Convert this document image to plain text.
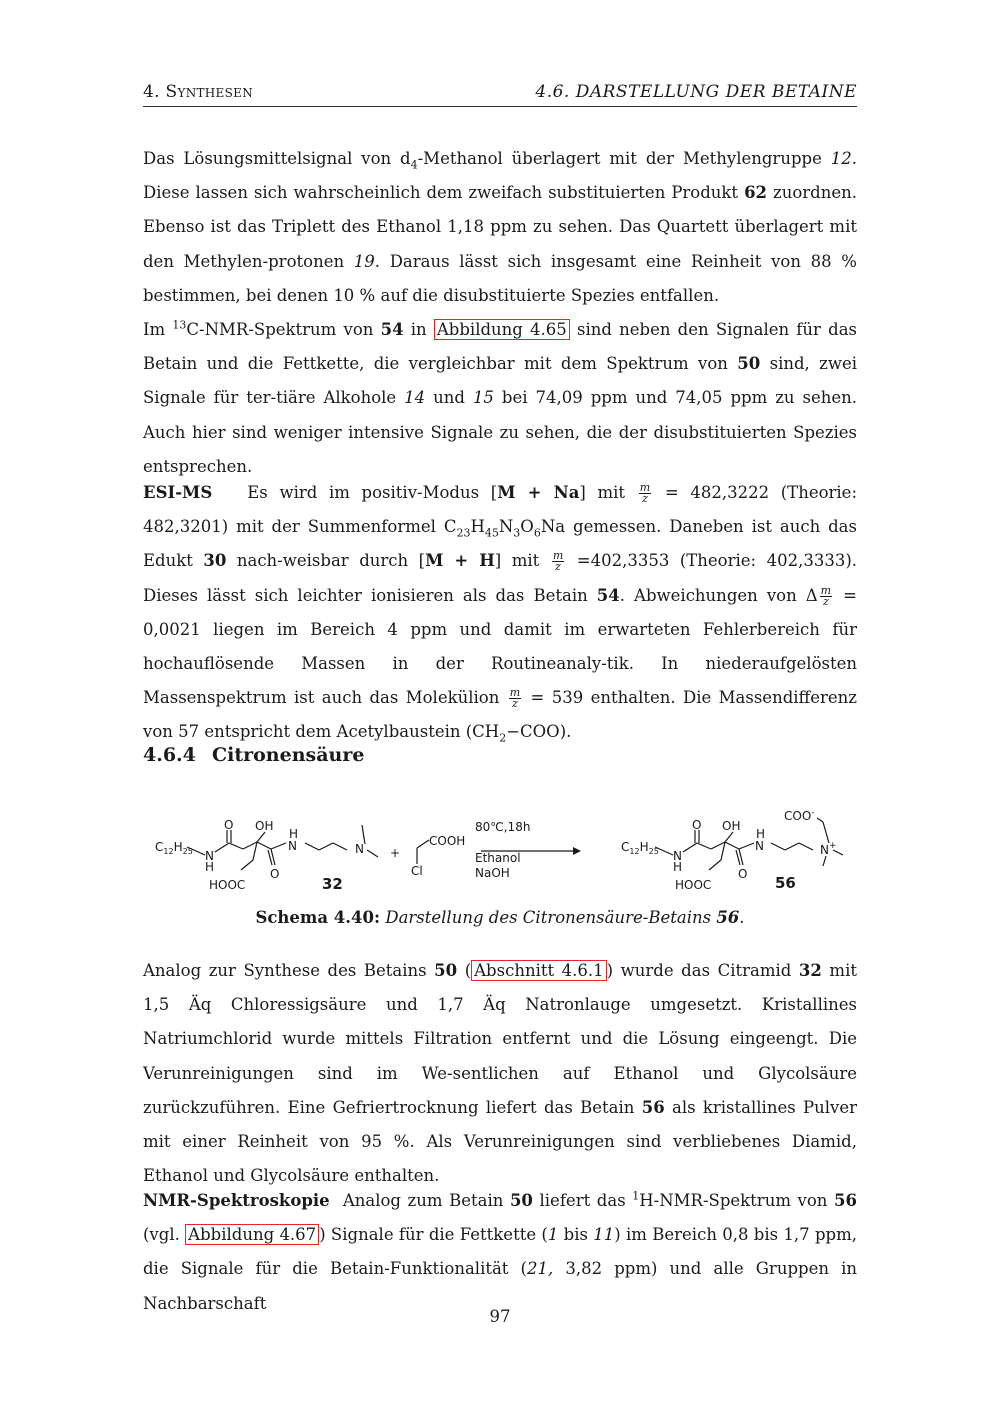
4. Synthesen	4.6. DARSTELLUNG DER BETAINE

Das Lösungsmittelsignal von $d_4$-Methanol überlagert mit der Methylengruppe 12. Diese lassen sich wahrscheinlich dem zweifach substituierten Produkt 62 zuordnen. Ebenso ist das Triplett des Ethanol 1,18 ppm zu sehen. Das Quartett überlagert mit den Methylen-protonen 19. Daraus lässt sich insgesamt eine Reinheit von 88 % bestimmen, bei denen 10 % auf die disubstituierte Spezies entfallen.

Im $^{13}$C-NMR-Spektrum von 54 in Abbildung 4.65 sind neben den Signalen für das Betain und die Fettkette, die vergleichbar mit dem Spektrum von 50 sind, zwei Signale für ter-tiäre Alkohole 14 und 15 bei 74,09 ppm und 74,05 ppm zu sehen. Auch hier sind weniger intensive Signale zu sehen, die der disubstituierten Spezies entsprechen.

ESI-MS Es wird im positiv-Modus [M + Na] mit $\frac{m}{z} = 482,3222$ (Theorie: 482,3201) mit der Summenformel $C_{23}H_{45}N_3O_6Na$ gemessen. Daneben ist auch das Edukt 30 nach-weisbar durch [M + H] mit $\frac{m}{z} =402,3353$ (Theorie: 402,3333). Dieses lässt sich leichter ionisieren als das Betain 54. Abweichungen von Δ $\frac{m}{z} = 0,0021$ liegen im Bereich 4 ppm und damit im erwarteten Fehlerbereich für hochauflösende Massen in der Routineanaly-tik. In niederaufgelösten Massenspektrum ist auch das Molekülion $\frac{m}{z} = 539$ enthalten. Die Massendifferenz von 57 entspricht dem Acetylbaustein $(CH_2-COO)$.

4.6.4 Citronensäure
$C_{12}H_{25}$ N
H
O OH
H
N
O
HOOC
N
32
+
COOH
Cl
80℃,18h
Ethanol
NaOH
$C_{12}H_{25}$ N
H
O OH
H
N
O
HOOC
N+
COO-
56
Schema 4.40: Darstellung des Citronensäure-Betains 56.

Analog zur Synthese des Betains 50 ( Abschnitt 4.6.1 ) wurde das Citramid 32 mit 1,5 Äq Chloressigsäure und 1,7 Äq Natronlauge umgesetzt. Kristallines Natriumchlorid wurde mittels Filtration entfernt und die Lösung eingeengt. Die Verunreinigungen sind im We-sentlichen auf Ethanol und Glycolsäure zurückzuführen. Eine Gefriertrocknung liefert das Betain 56 als kristallines Pulver mit einer Reinheit von 95 %. Als Verunreinigungen sind verbliebenes Diamid, Ethanol und Glycolsäure enthalten.

NMR-Spektroskopie  Analog zum Betain 50 liefert das $^1$H-NMR-Spektrum von 56 (vgl. Abbildung 4.67 ) Signale für die Fettkette (1 bis 11) im Bereich 0,8 bis 1,7 ppm, die Signale für die Betain-Funktionalität (21, 3,82 ppm) und alle Gruppen in Nachbarschaft

97
